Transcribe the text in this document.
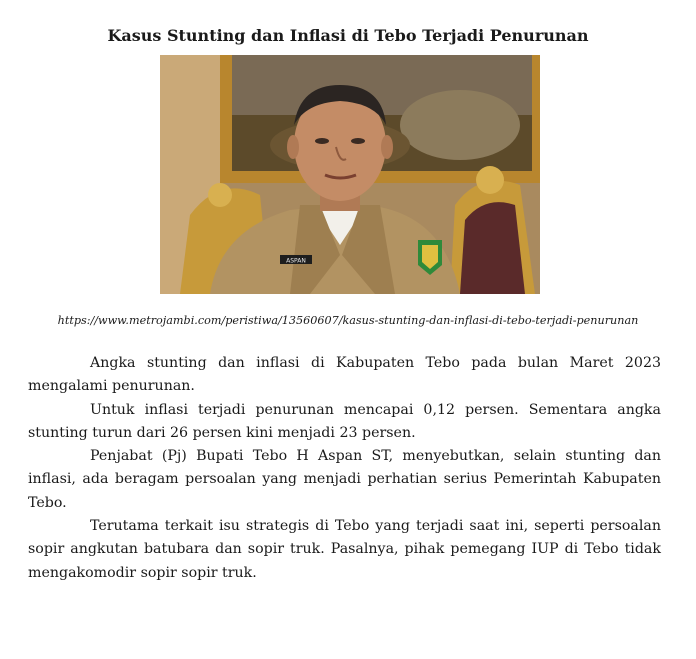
Kasus Stunting dan Inflasi di Tebo Terjadi Penurunan
ASPAN
https://www.metrojambi.com/peristiwa/13560607/kasus-stunting-dan-inflasi-di-tebo-terjadi-penurunan

Angka stunting dan inflasi di Kabupaten Tebo pada bulan Maret 2023 mengalami penurunan.

Untuk inflasi terjadi penurunan mencapai 0,12 persen. Sementara angka stunting turun dari 26 persen kini menjadi 23 persen.

Penjabat (Pj) Bupati Tebo H Aspan ST, menyebutkan, selain stunting dan inflasi, ada beragam persoalan yang menjadi perhatian serius Pemerintah Kabupaten Tebo.

Terutama terkait isu strategis di Tebo yang terjadi saat ini, seperti persoalan sopir angkutan batubara dan sopir truk. Pasalnya, pihak pemegang IUP di Tebo tidak mengakomodir sopir sopir truk.
